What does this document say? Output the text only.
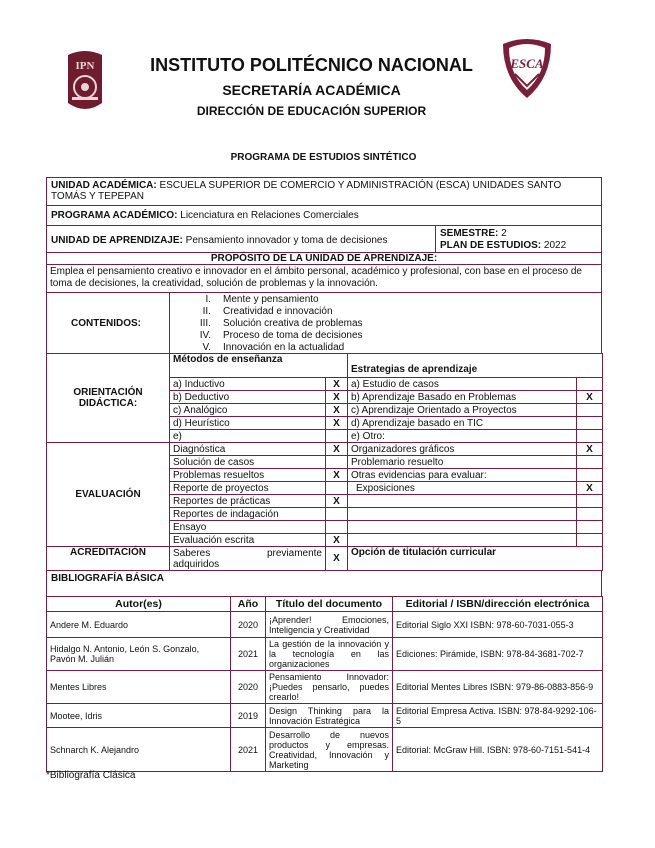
IPN	ESCA
INSTITUTO POLITÉCNICO NACIONAL
SECRETARÍA ACADÉMICA
DIRECCIÓN DE EDUCACIÓN SUPERIOR
PROGRAMA DE ESTUDIOS SINTÉTICO
UNIDAD ACADÉMICA: ESCUELA SUPERIOR DE COMERCIO Y ADMINISTRACIÓN (ESCA) UNIDADES SANTO TOMÁS Y TEPEPAN
PROGRAMA ACADÉMICO: Licenciatura en Relaciones Comerciales
UNIDAD DE APRENDIZAJE: Pensamiento innovador y toma de decisiones
SEMESTRE: 2
PLAN DE ESTUDIOS: 2022
PROPÓSITO DE LA UNIDAD DE APRENDIZAJE:
Emplea el pensamiento creativo e innovador en el ámbito personal, académico y profesional, con base en el proceso de toma de decisiones, la creatividad, solución de problemas y la innovación.
CONTENIDOS:
I. Mente y pensamiento
II. Creatividad e innovación
III. Solución creativa de problemas
IV. Proceso de toma de decisiones
V. Innovación en la actualidad
ORIENTACIÓN
DIDÁCTICA:	Métodos de enseñanza		Estrategias de aprendizaje	
	a) Inductivo	X	a) Estudio de casos	
	b) Deductivo	X	b) Aprendizaje Basado en Problemas	X
	c) Analógico	X	c) Aprendizaje Orientado a Proyectos	
	d) Heurístico	X	d) Aprendizaje basado en TIC	
	e)		e) Otro:	
EVALUACIÓN	Diagnóstica	X	Organizadores gráficos	X
	Solución de casos		Problemario resuelto	
	Problemas resueltos	X	Otras evidencias para evaluar:	
	Reporte de proyectos		Exposiciones	X
	Reportes de prácticas	X		
	Reportes de indagación			
	Ensayo			
	Evaluación escrita	X		
ACREDITACIÓN	Saberes previamente
adquiridos	X	Opción de titulación curricular	
BIBLIOGRAFÍA BÁSICA
Autor(es)	Año	Título del documento	Editorial / ISBN/dirección electrónica
Andere M. Eduardo	2020	¡Aprender! Emociones, Inteligencia y Creatividad	Editorial Siglo XXI ISBN: 978-60-7031-055-3
Hidalgo N. Antonio, León S. Gonzalo, Pavón M. Julián	2021	La gestión de la innovación y la tecnología en las organizaciones	Ediciones: Pirámide, ISBN: 978-84-3681-702-7
Mentes Libres	2020	Pensamiento Innovador: ¡Puedes pensarlo, puedes crearlo!	Editorial Mentes Libres ISBN: 979-86-0883-856-9
Mootee, Idris	2019	Design Thinking para la Innovación Estratégica	Editorial Empresa Activa. ISBN: 978-84-9292-106-5
Schnarch K. Alejandro	2021	Desarrollo de nuevos productos y empresas. Creatividad, Innovación y Marketing	Editorial: McGraw Hill. ISBN: 978-60-7151-541-4
*Bibliografía Clásica
